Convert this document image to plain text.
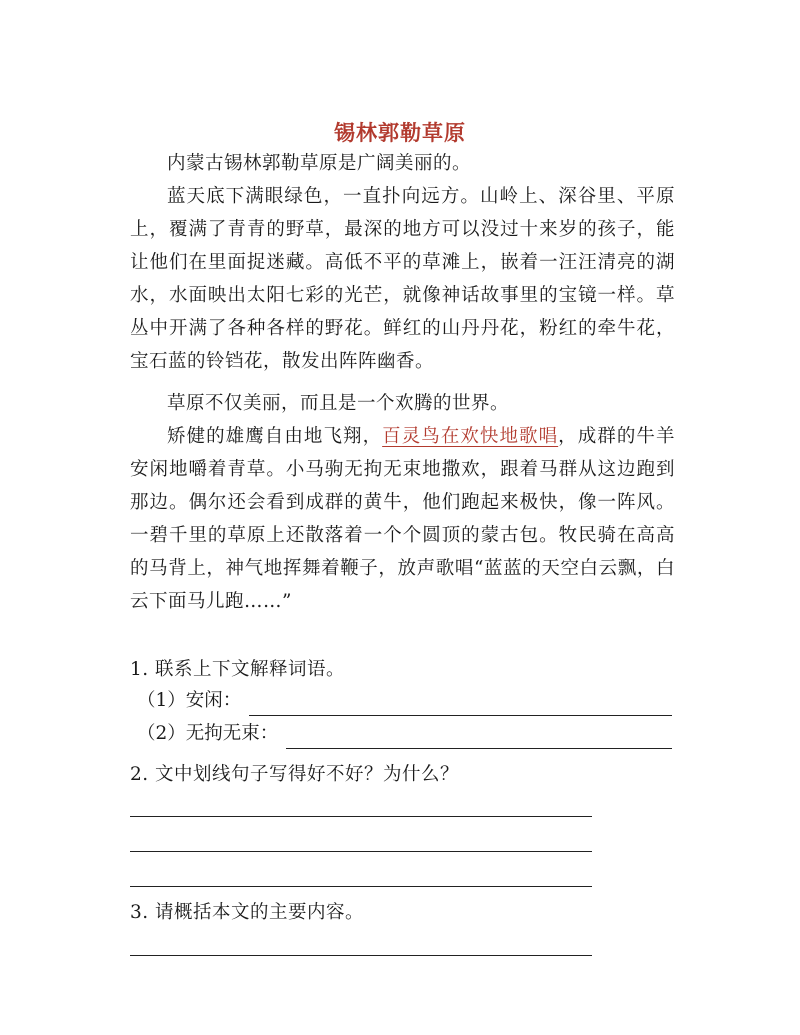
锡林郭勒草原

内蒙古锡林郭勒草原是广阔美丽的。

蓝天底下满眼绿色，一直扑向远方。山岭上、深谷里、平原上，覆满了青青的野草，最深的地方可以没过十来岁的孩子，能让他们在里面捉迷藏。高低不平的草滩上，嵌着一汪汪清亮的湖水，水面映出太阳七彩的光芒，就像神话故事里的宝镜一样。草丛中开满了各种各样的野花。鲜红的山丹丹花，粉红的牵牛花，宝石蓝的铃铛花，散发出阵阵幽香。

草原不仅美丽，而且是一个欢腾的世界。

矫健的雄鹰自由地飞翔，百灵鸟在欢快地歌唱，成群的牛羊安闲地嚼着青草。小马驹无拘无束地撒欢，跟着马群从这边跑到那边。偶尔还会看到成群的黄牛，他们跑起来极快，像一阵风。一碧千里的草原上还散落着一个个圆顶的蒙古包。牧民骑在高高的马背上，神气地挥舞着鞭子，放声歌唱“蓝蓝的天空白云飘，白云下面马儿跑……”

1. 联系上下文解释词语。

（1）安闲：
（2）无拘无束：

2. 文中划线句子写得好不好？为什么？

3. 请概括本文的主要内容。
